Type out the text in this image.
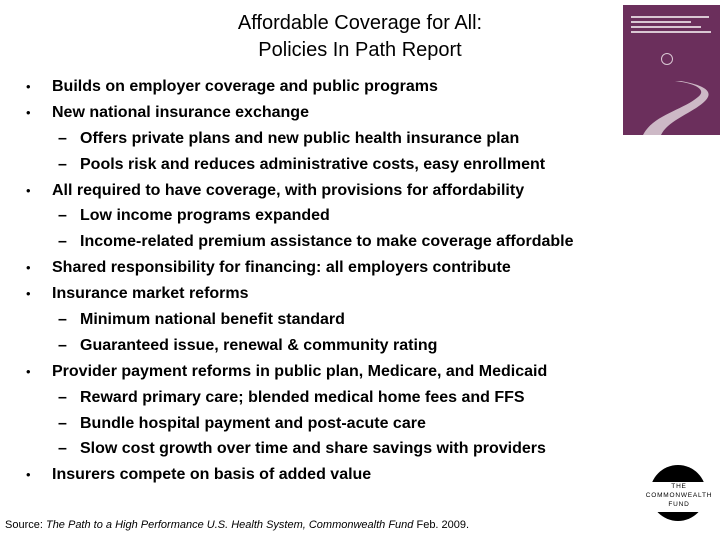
Affordable Coverage for All:
Policies In Path Report
• Builds on employer coverage and public programs
• New national insurance exchange
– Offers private plans and new public health insurance plan
– Pools risk and reduces administrative costs, easy enrollment
• All required to have coverage, with provisions for affordability
– Low income programs expanded
– Income-related premium assistance to make coverage affordable
• Shared responsibility for financing: all employers contribute
• Insurance market reforms
– Minimum national benefit standard
– Guaranteed issue, renewal & community rating
• Provider payment reforms in public plan, Medicare, and Medicaid
– Reward primary care; blended medical home fees and FFS
– Bundle hospital payment and post-acute care
– Slow cost growth over time and share savings with providers
• Insurers compete on basis of added value
Source: The Path to a High Performance U.S. Health System, Commonwealth Fund Feb. 2009.
THE
COMMONWEALTH
FUND
